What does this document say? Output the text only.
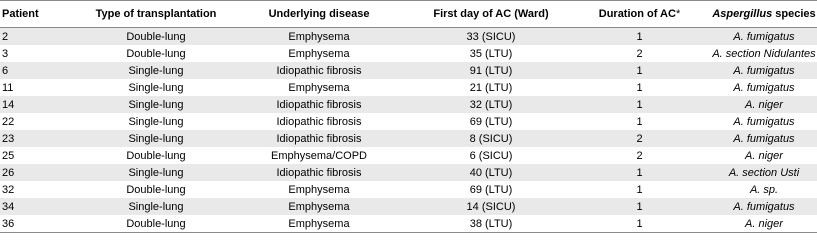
Patient	Type of transplantation	Underlying disease	First day of AC (Ward)	Duration of AC*	Aspergillus species
2	Double-lung	Emphysema	33 (SICU)	1	A. fumigatus
3	Double-lung	Emphysema	35 (LTU)	2	A. section Nidulantes
6	Single-lung	Idiopathic fibrosis	91 (LTU)	1	A. fumigatus
11	Single-lung	Emphysema	21 (LTU)	1	A. fumigatus
14	Single-lung	Idiopathic fibrosis	32 (LTU)	1	A. niger
22	Single-lung	Idiopathic fibrosis	69 (LTU)	1	A. fumigatus
23	Single-lung	Idiopathic fibrosis	8 (SICU)	2	A. fumigatus
25	Double-lung	Emphysema/COPD	6 (SICU)	2	A. niger
26	Single-lung	Idiopathic fibrosis	40 (LTU)	1	A. section Usti
32	Double-lung	Emphysema	69 (LTU)	1	A. sp.
34	Single-lung	Emphysema	14 (SICU)	1	A. fumigatus
36	Double-lung	Emphysema	38 (LTU)	1	A. niger
